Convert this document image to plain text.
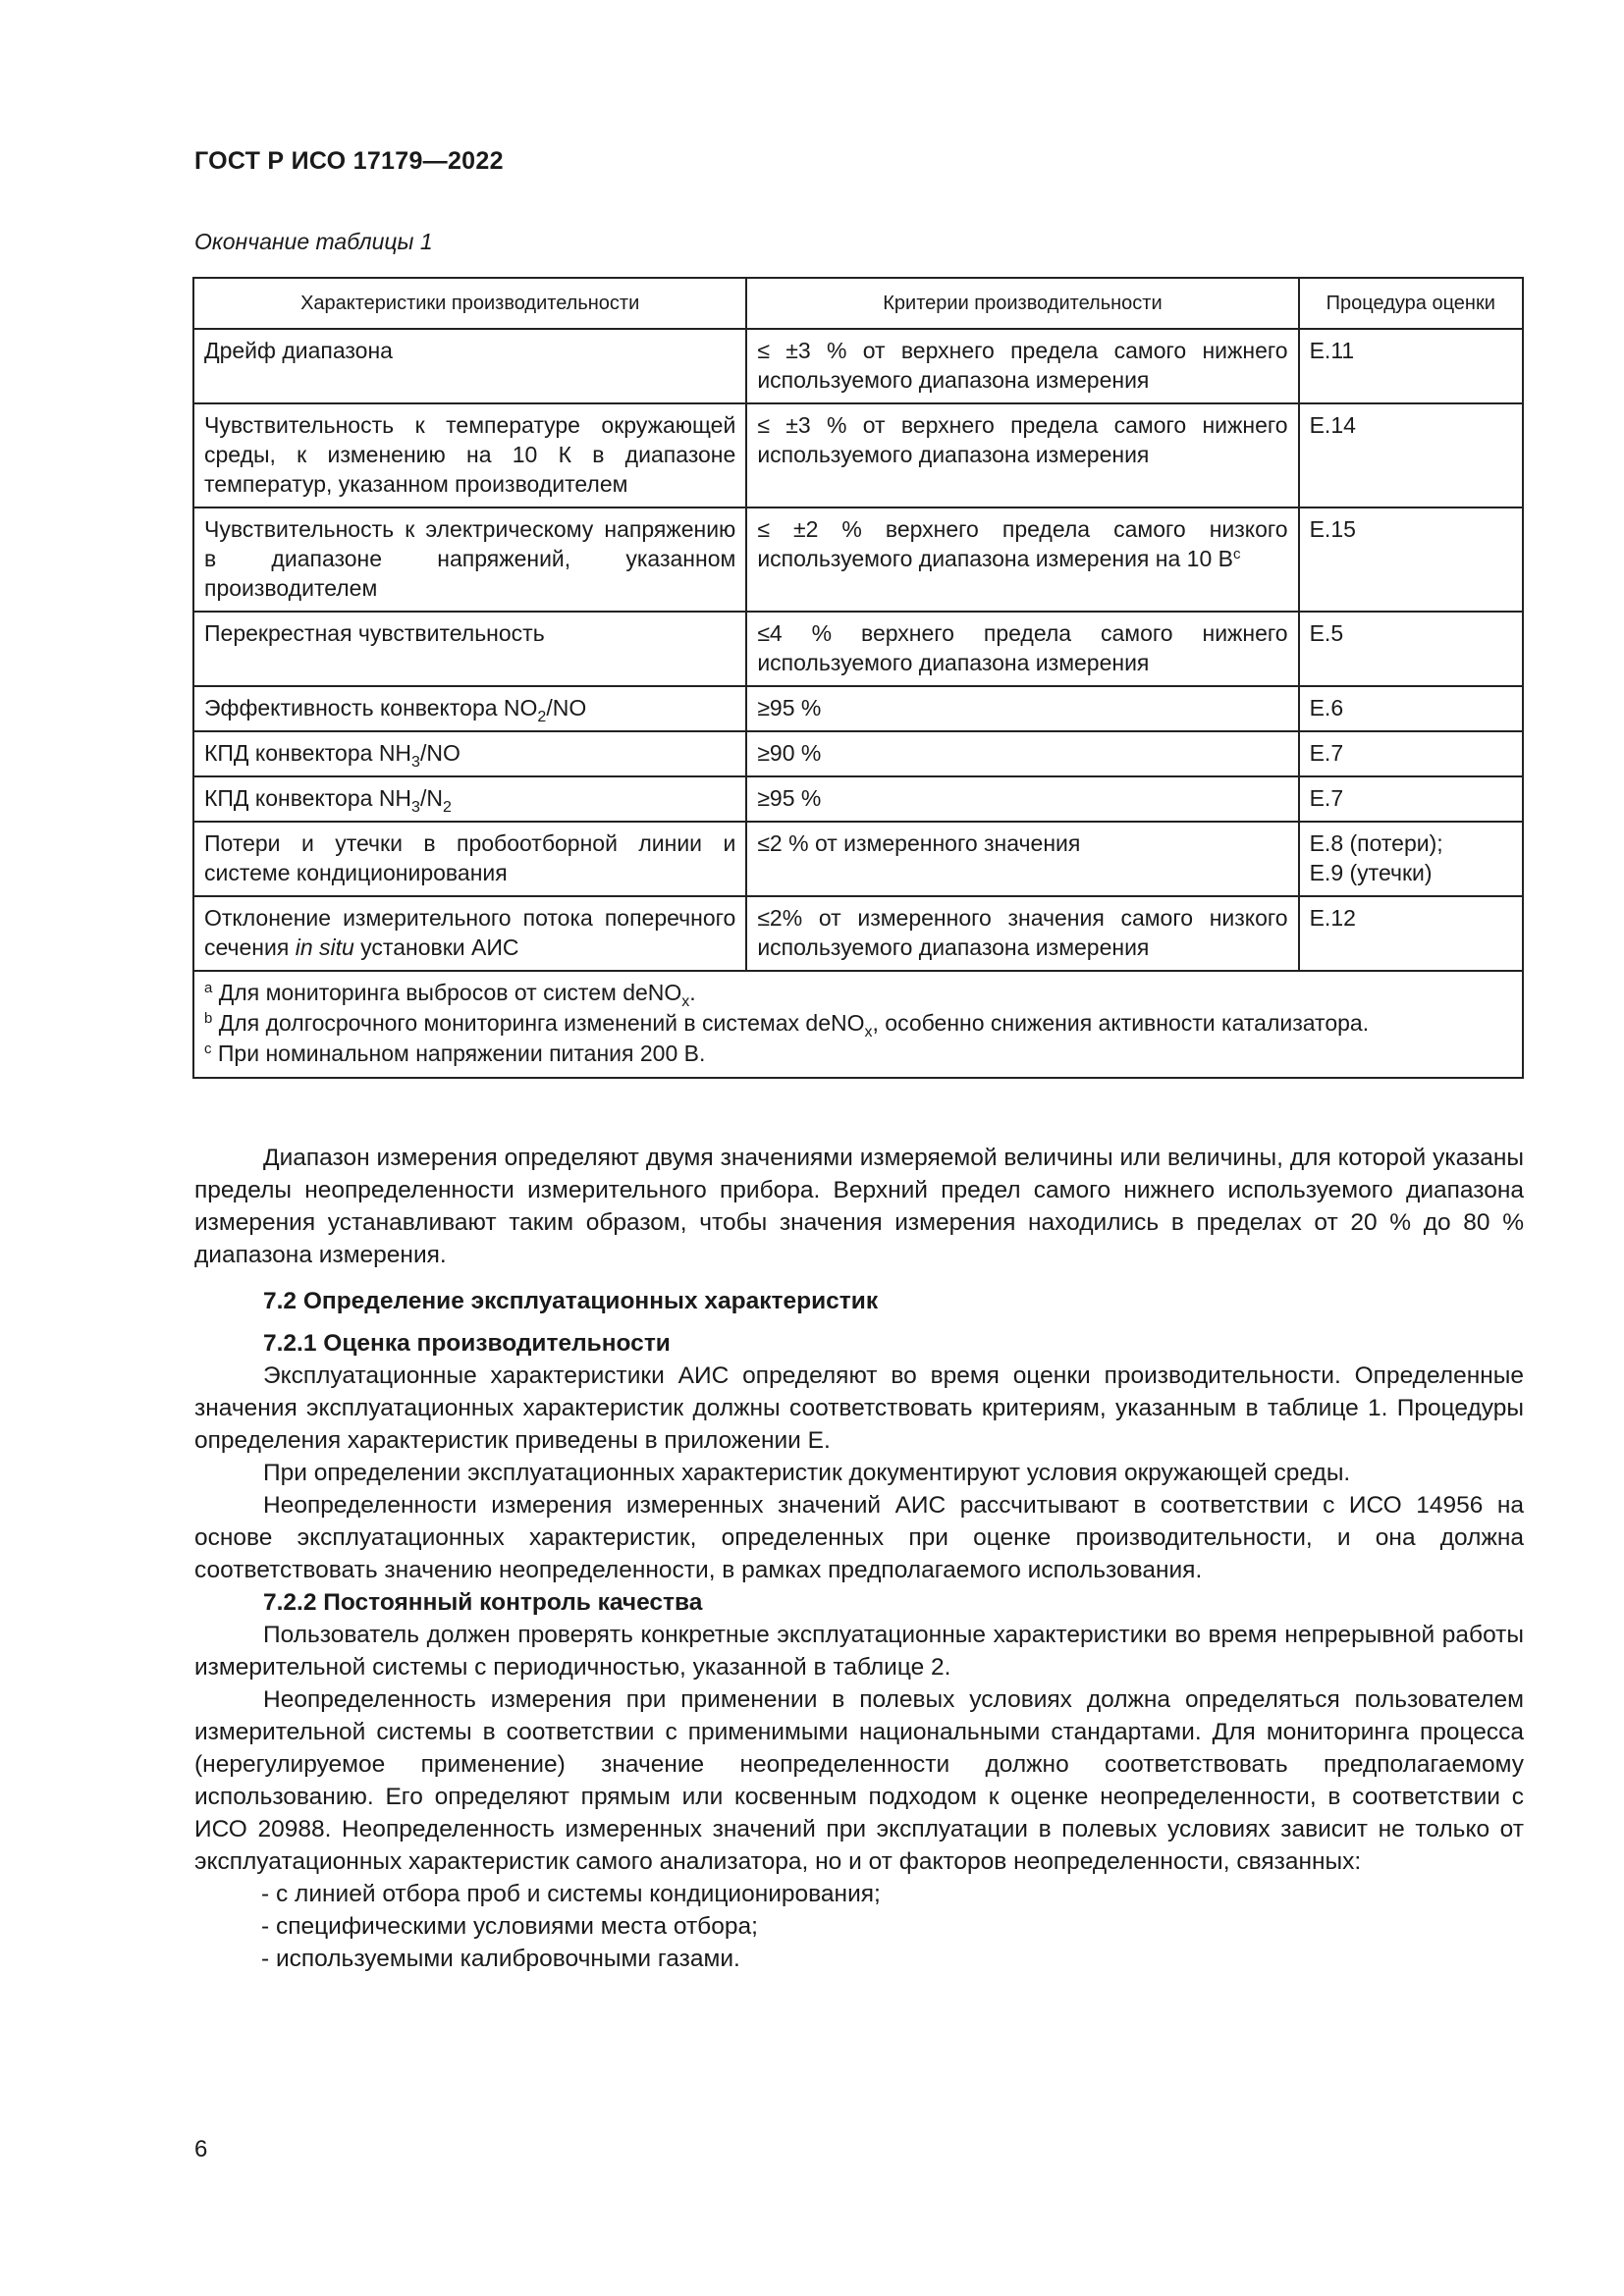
ГОСТ Р ИСО 17179—2022
Окончание таблицы 1
Характеристики производительности	Критерии производительности	Процедура оценки
Дрейф диапазона	≤ ±3 % от верхнего предела самого нижнего используемого диапазона измерения	E.11
Чувствительность к температуре окружающей среды, к изменению на 10 К в диапазоне температур, указанном производителем	≤ ±3 % от верхнего предела самого нижнего используемого диапазона измерения	E.14
Чувствительность к электрическому напряжению в диапазоне напряжений, указанном производителем	≤ ±2 % верхнего предела самого низкого используемого диапазона измерения на 10 $В^c$	E.15
Перекрестная чувствительность	≤4 % верхнего предела самого нижнего используемого диапазона измерения	E.5
Эффективность конвектора $NO_2/NO$	≥95 %	E.6
КПД конвектора $NH_3/NO$	≥90 %	E.7
КПД конвектора $NH_3/N_2$	≥95 %	E.7
Потери и утечки в пробоотборной линии и системе кондиционирования	≤2 % от измеренного значения	E.8 (потери);
E.9 (утечки)

Отклонение измерительного потока поперечного сечения in situ установки АИС	≤2% от измеренного значения самого низкого используемого диапазона измерения	E.12

$^a$ Для мониторинга выбросов от систем deNO$_x$.
$^b$ Для долгосрочного мониторинга изменений в системах deNO$_x$, особенно снижения активности катализатора.
$^c$ При номинальном напряжении питания 200 В.		

Диапазон измерения определяют двумя значениями измеряемой величины или величины, для которой указаны пределы неопределенности измерительного прибора. Верхний предел самого нижнего используемого диапазона измерения устанавливают таким образом, чтобы значения измерения находились в пределах от 20 % до 80 % диапазона измерения.

7.2 Определение эксплуатационных характеристик

7.2.1 Оценка производительности

Эксплуатационные характеристики АИС определяют во время оценки производительности. Определенные значения эксплуатационных характеристик должны соответствовать критериям, указанным в таблице 1. Процедуры определения характеристик приведены в приложении Е.

При определении эксплуатационных характеристик документируют условия окружающей среды.

Неопределенности измерения измеренных значений АИС рассчитывают в соответствии с ИСО 14956 на основе эксплуатационных характеристик, определенных при оценке производительности, и она должна соответствовать значению неопределенности, в рамках предполагаемого использования.

7.2.2 Постоянный контроль качества

Пользователь должен проверять конкретные эксплуатационные характеристики во время непрерывной работы измерительной системы с периодичностью, указанной в таблице 2.

Неопределенность измерения при применении в полевых условиях должна определяться пользователем измерительной системы в соответствии с применимыми национальными стандартами. Для мониторинга процесса (нерегулируемое применение) значение неопределенности должно соответствовать предполагаемому использованию. Его определяют прямым или косвенным подходом к оценке неопределенности, в соответствии с ИСО 20988. Неопределенность измеренных значений при эксплуатации в полевых условиях зависит не только от эксплуатационных характеристик самого анализатора, но и от факторов неопределенности, связанных:

- с линией отбора проб и системы кондиционирования;

- специфическими условиями места отбора;

- используемыми калибровочными газами.

6
